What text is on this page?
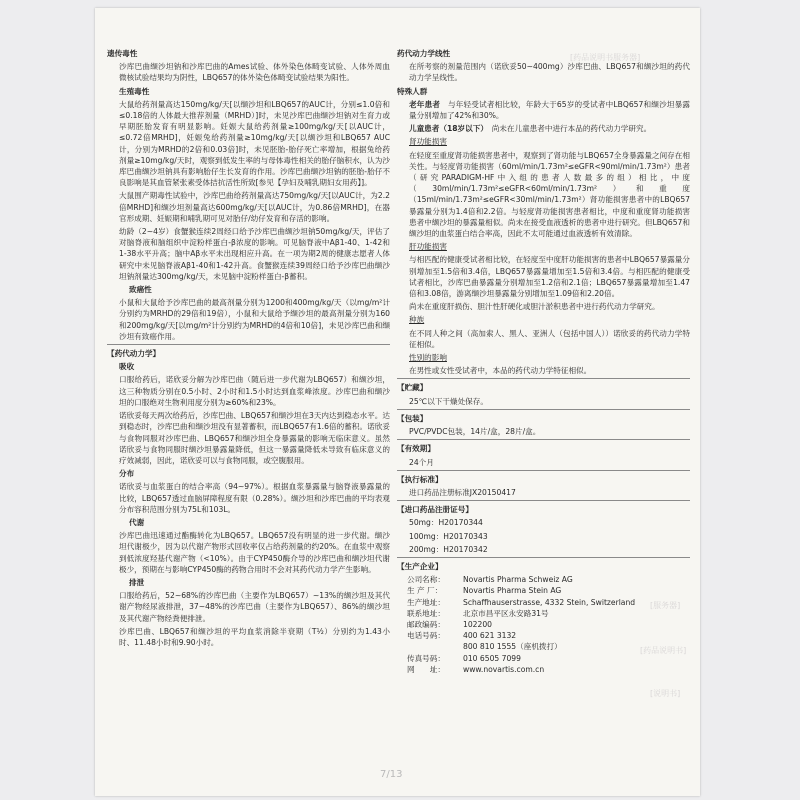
[药品说明书服务器]
[服务器]
[药品说明书]
[说明书]

遗传毒性

沙库巴曲缬沙坦钠和沙库巴曲的Ames试验、体外染色体畸变试验、人体外周血微核试验结果均为阴性，LBQ657的体外染色体畸变试验结果为阳性。

生殖毒性

大鼠给药剂量高达150mg/kg/天[以缬沙坦和LBQ657的AUC计，分别≤1.0倍和≤0.18倍的人体最大推荐剂量（MRHD）]时，未见沙库巴曲缬沙坦钠对生育力或早期胚胎发育有明显影响。妊娠大鼠给药剂量≥100mg/kg/天[以AUC计，≤0.72倍MRHD]，妊娠兔给药剂量≥10mg/kg/天[以缬沙坦和LBQ657 AUC计，分别为MRHD的2倍和0.03倍]时，未见胚胎-胎仔死亡率增加，根据兔给药剂量≥10mg/kg/天时，观察到低发生率的与母体毒性相关的胎仔脑积水，认为沙库巴曲缬沙坦钠具有影响胎仔生长发育的作用。沙库巴曲缬沙坦钠的胚胎-胎仔不良影响是其血管紧张素受体拮抗活性所致[参见【孕妇及哺乳期妇女用药】]。

大鼠围产期毒性试验中，沙库巴曲给药剂量高达750mg/kg/天[以AUC计，为2.2倍MRHD]和缬沙坦剂量高达600mg/kg/天[以AUC计，为0.86倍MRHD]，在器官形成期、妊娠期和哺乳期可见对胎仔/幼仔发育和存活的影响。

幼龄（2~4岁）食蟹猴连续2周经口给予沙库巴曲缬沙坦钠50mg/kg/天，评估了对脑脊液和脑组织中淀粉样蛋白-β浓度的影响。可见脑脊液中Aβ1-40、1-42和1-38水平升高；脑中Aβ水平未出现相应升高。在一项为期2周的健康志愿者人体研究中未见脑脊液Aβ1-40和1-42升高。食蟹猴连续39周经口给予沙库巴曲缬沙坦钠剂量达300mg/kg/天，未见脑中淀粉样蛋白-β蓄积。

致癌性

小鼠和大鼠给予沙库巴曲的最高剂量分别为1200和400mg/kg/天（以mg/m²计分别约为MRHD的29倍和19倍），小鼠和大鼠给予缬沙坦的最高剂量分别为160和200mg/kg/天[以mg/m²计分别约为MRHD的4倍和10倍]，未见沙库巴曲和缬沙坦有致癌作用。

【药代动力学】

吸收

口服给药后，诺欣妥分解为沙库巴曲（随后进一步代谢为LBQ657）和缬沙坦，这三种物质分别在0.5小时、2小时和1.5小时达到血浆峰浓度。沙库巴曲和缬沙坦的口服绝对生物利用度分别为≥60%和23%。

诺欣妥每天两次给药后，沙库巴曲、LBQ657和缬沙坦在3天内达到稳态水平。达到稳态时，沙库巴曲和缬沙坦没有显著蓄积，而LBQ657有1.6倍的蓄积。诺欣妥与食物同服对沙库巴曲、LBQ657和缬沙坦全身暴露量的影响无临床意义。虽然诺欣妥与食物同服时缬沙坦暴露量降低，但这一暴露量降低未导致有临床意义的疗效减弱，因此，诺欣妥可以与食物同服，或空腹服用。

分布

诺欣妥与血浆蛋白的结合率高（94~97%）。根据血浆暴露量与脑脊液暴露量的比较，LBQ657透过血脑屏障程度有限（0.28%）。缬沙坦和沙库巴曲的平均表观分布容积范围分别为75L和103L。

代谢

沙库巴曲迅速通过酯酶转化为LBQ657。LBQ657没有明显的进一步代谢。缬沙坦代谢极少，因为以代谢产物形式回收率仅占给药剂量的约20%。在血浆中观察到低浓度羟基代谢产物（<10%）。由于CYP450酶介导的沙库巴曲和缬沙坦代谢极少，预期在与影响CYP450酶的药物合用时不会对其药代动力学产生影响。

排泄

口服给药后，52~68%的沙库巴曲（主要作为LBQ657）~13%的缬沙坦及其代谢产物经尿液排泄，37~48%的沙库巴曲（主要作为LBQ657）、86%的缬沙坦及其代谢产物经粪便排泄。

沙库巴曲、LBQ657和缬沙坦的平均血浆消除半衰期（T½）分别约为1.43小时、11.48小时和9.90小时。

药代动力学线性

在所考察的剂量范围内（诺欣妥50~400mg）沙库巴曲、LBQ657和缬沙坦的药代动力学呈线性。

特殊人群

老年患者　 与年轻受试者相比较，年龄大于65岁的受试者中LBQ657和缬沙坦暴露量分别增加了42%和30%。

儿童患者（18岁以下）　 尚未在儿童患者中进行本品的药代动力学研究。

肾功能损害

在轻度至重度肾功能损害患者中，观察到了肾功能与LBQ657全身暴露量之间存在相关性。与轻度肾功能损害（60ml/min/1.73m²≤eGFR<90ml/min/1.73m²）患者（研究PARADIGM-HF中入组的患者人数最多的组）相比，中度（30ml/min/1.73m²≤eGFR<60ml/min/1.73m²）和重度（15ml/min/1.73m²≤eGFR<30ml/min/1.73m²）肾功能损害患者中的LBQ657暴露量分别为1.4倍和2.2倍。与轻度肾功能损害患者相比，中度和重度肾功能损害患者中缬沙坦的暴露量相似。尚未在接受血液透析的患者中进行研究。但LBQ657和缬沙坦的血浆蛋白结合率高，因此不太可能通过血液透析有效清除。

肝功能损害

与相匹配的健康受试者相比较，在轻度至中度肝功能损害的患者中LBQ657暴露量分别增加至1.5倍和3.4倍，LBQ657暴露量增加至1.5倍和3.4倍。与相匹配的健康受试者相比，沙库巴曲暴露量分别增加至1.2倍和2.1倍；LBQ657暴露量增加至1.47倍和3.08倍，游离缬沙坦暴露量分别增加至1.09倍和2.20倍。

尚未在重度肝损伤、胆汁性肝硬化或胆汁淤积患者中进行药代动力学研究。

种族

在不同人种之间（高加索人、黑人、亚洲人（包括中国人））诺欣妥的药代动力学特征相似。

性别的影响

在男性或女性受试者中，本品的药代动力学特征相似。

【贮藏】

25℃以下干燥处保存。

【包装】

PVC/PVDC包装，14片/盒，28片/盒。

【有效期】

24个月

【执行标准】

进口药品注册标准JX20150417

【进口药品注册证号】

50mg：H20170344

100mg：H20170343

200mg：H20170342

【生产企业】

公司名称：	Novartis Pharma Schweiz AG
生 产 厂：	Novartis Pharma Stein AG
生产地址：	Schaffhauserstrasse, 4332 Stein, Switzerland
联系地址：	北京市昌平区永安路31号
邮政编码：	102200
电话号码：	400 621 3132
800 810 1555（座机拨打）
传真号码：	010 6505 7099
网　　址：	www.novartis.com.cn
7/13
